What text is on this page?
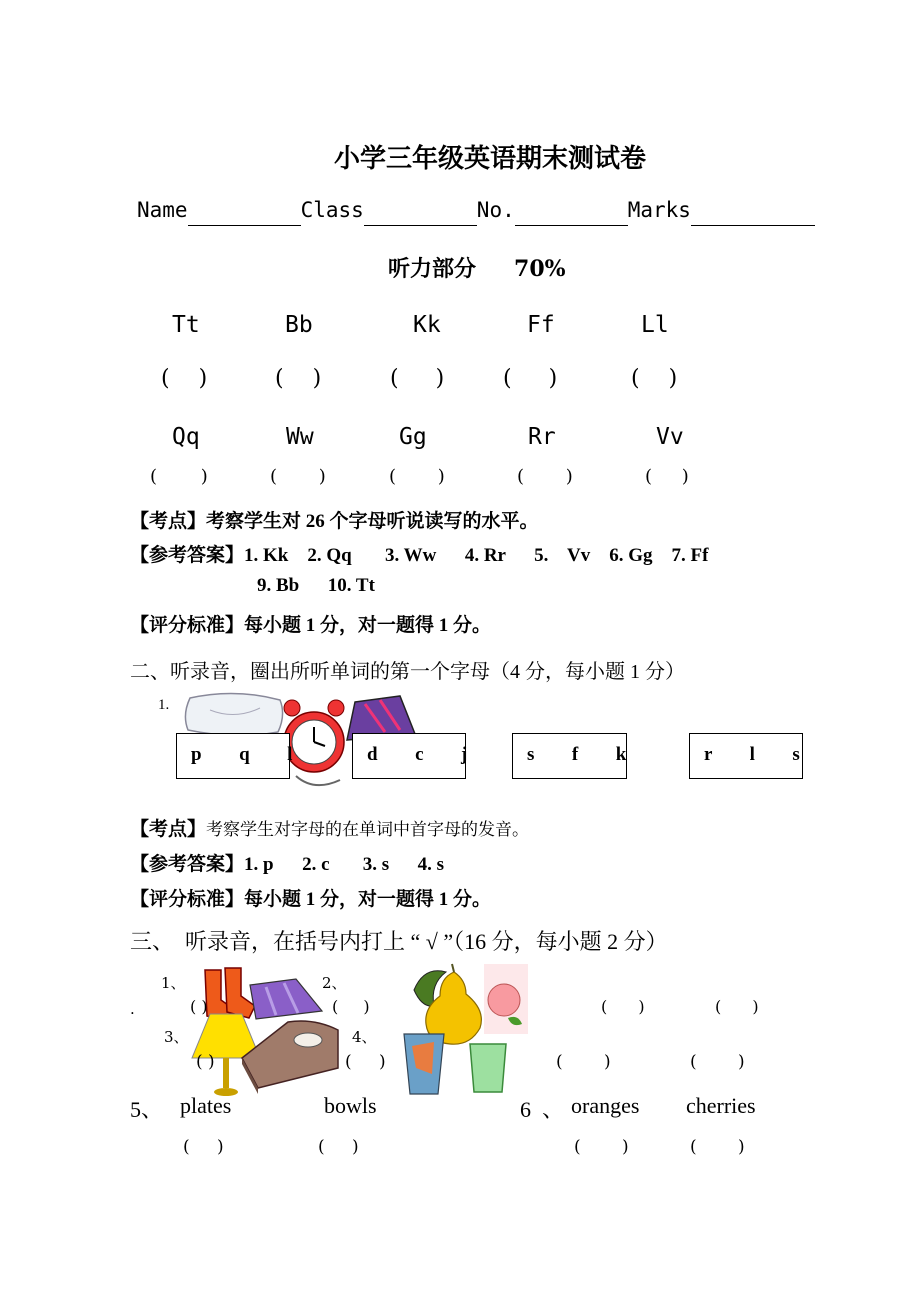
小学三年级英语期末测试卷
Name	Class	No.	Marks
听力部分 70%
Tt	Bb	Kk	Ff	Ll
( )	( )	( )	( )	( )
Qq	Ww	Gg	Rr	Vv
( )	( )	( )	( )	( )
【考点】考察学生对 26 个字母听说读写的水平。
【参考答案】1. Kk    2. Qq       3. Ww      4. Rr      5.    Vv    6. Gg    7. Ff
9. Bb      10. Tt
【评分标准】每小题 1 分，对一题得 1 分。
二、听录音，圈出所听单词的第一个字母（4 分，每小题 1 分）
1.
p  q  l	d  c  j	s  f  k	r  l  s
【考点】考察学生对字母的在单词中首字母的发音。
【参考答案】1. p      2. c       3. s      4. s
【评分标准】每小题 1 分，对一题得 1 分。
三、  听录音，在括号内打上 “ √ ”（16 分，每小题 2 分）
1、	2、
.
3、	4、
( )	( )	( )	( )
( )	( )	( )	( )
5、 plates	bowls	6  、 oranges cherries
( )	( )	( )	( )
